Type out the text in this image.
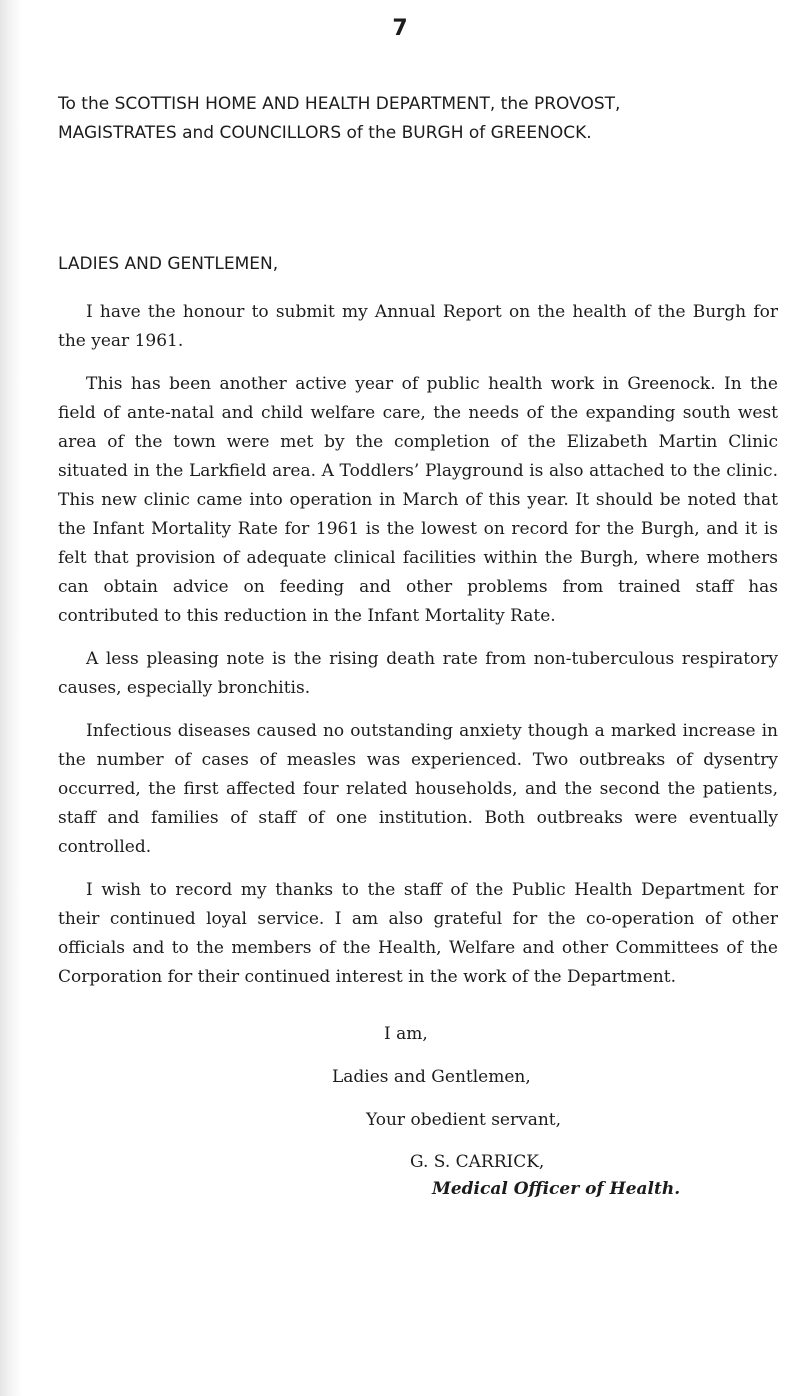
7

To the SCOTTISH HOME AND HEALTH DEPARTMENT, the PROVOST,

MAGISTRATES and COUNCILLORS of the BURGH of GREENOCK.

LADIES AND GENTLEMEN,

I have the honour to submit my Annual Report on the health of the Burgh for the year 1961.

This has been another active year of public health work in Greenock. In the field of ante-natal and child welfare care, the needs of the expanding south west area of the town were met by the completion of the Elizabeth Martin Clinic situated in the Larkfield area. A Toddlers’ Playground is also attached to the clinic. This new clinic came into operation in March of this year. It should be noted that the Infant Mortality Rate for 1961 is the lowest on record for the Burgh, and it is felt that provision of adequate clinical facilities within the Burgh, where mothers can obtain advice on feeding and other problems from trained staff has contributed to this reduction in the Infant Mortality Rate.

A less pleasing note is the rising death rate from non-tuberculous respiratory causes, especially bronchitis.

Infectious diseases caused no outstanding anxiety though a marked increase in the number of cases of measles was experienced. Two outbreaks of dysentry occurred, the first affected four related households, and the second the patients, staff and families of staff of one institution. Both outbreaks were eventually controlled.

I wish to record my thanks to the staff of the Public Health Department for their continued loyal service. I am also grateful for the co-operation of other officials and to the members of the Health, Welfare and other Committees of the Corporation for their continued interest in the work of the Department.

I am,
Ladies and Gentlemen,
Your obedient servant,
G. S. CARRICK,
Medical Officer of Health.
